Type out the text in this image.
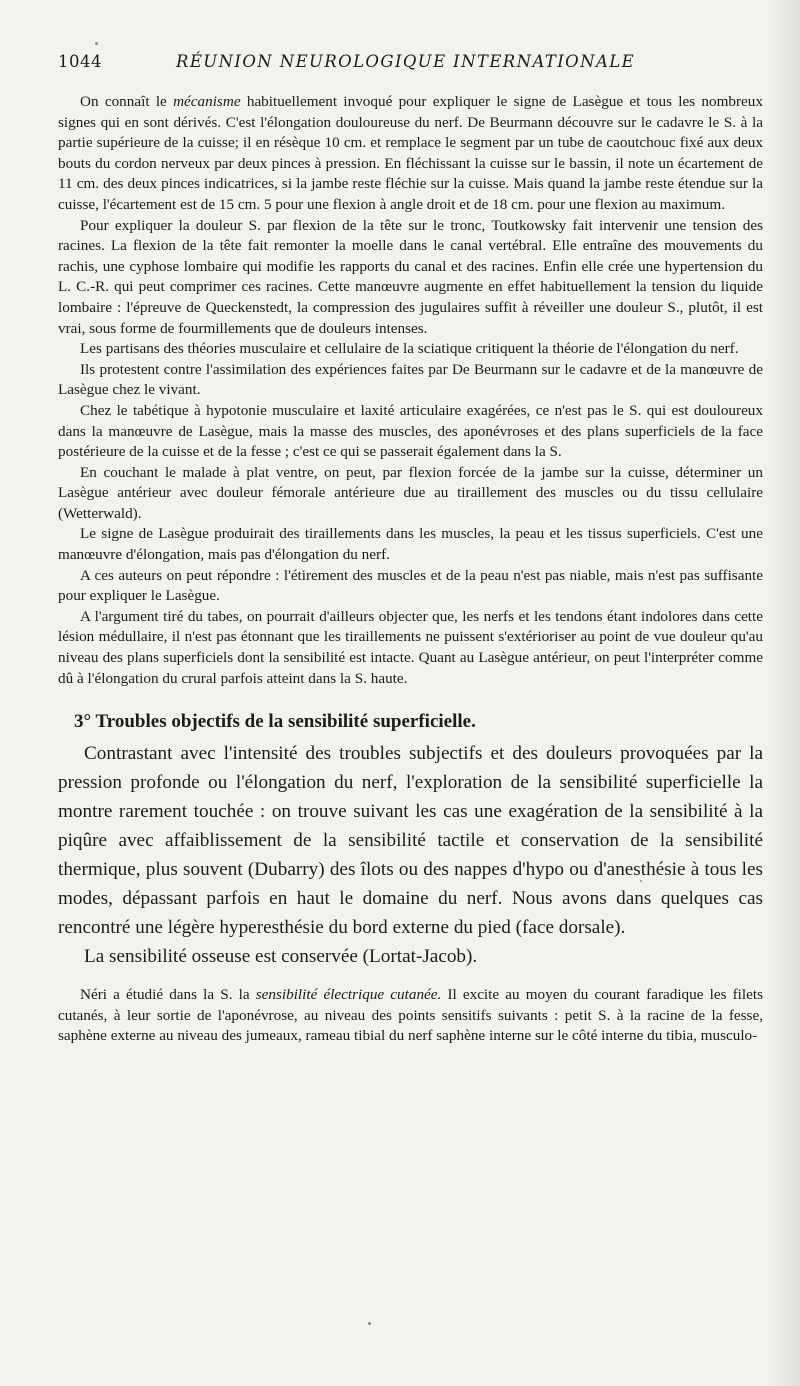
1044	RÉUNION NEUROLOGIQUE INTERNATIONALE

On connaît le mécanisme habituellement invoqué pour expliquer le signe de Lasègue et tous les nombreux signes qui en sont dérivés. C'est l'élongation douloureuse du nerf. De Beurmann découvre sur le cadavre le S. à la partie supérieure de la cuisse; il en résèque 10 cm. et remplace le segment par un tube de caoutchouc fixé aux deux bouts du cordon nerveux par deux pinces à pression. En fléchissant la cuisse sur le bassin, il note un écartement de 11 cm. des deux pinces indicatrices, si la jambe reste fléchie sur la cuisse. Mais quand la jambe reste étendue sur la cuisse, l'écartement est de 15 cm. 5 pour une flexion à angle droit et de 18 cm. pour une flexion au maximum.

Pour expliquer la douleur S. par flexion de la tête sur le tronc, Toutkowsky fait intervenir une tension des racines. La flexion de la tête fait remonter la moelle dans le canal vertébral. Elle entraîne des mouvements du rachis, une cyphose lombaire qui modifie les rapports du canal et des racines. Enfin elle crée une hypertension du L. C.-R. qui peut comprimer ces racines. Cette manœuvre augmente en effet habituellement la tension du liquide lombaire : l'épreuve de Queckenstedt, la compression des jugulaires suffit à réveiller une douleur S., plutôt, il est vrai, sous forme de fourmillements que de douleurs intenses.

Les partisans des théories musculaire et cellulaire de la sciatique critiquent la théorie de l'élongation du nerf.

Ils protestent contre l'assimilation des expériences faites par De Beurmann sur le cadavre et de la manœuvre de Lasègue chez le vivant.

Chez le tabétique à hypotonie musculaire et laxité articulaire exagérées, ce n'est pas le S. qui est douloureux dans la manœuvre de Lasègue, mais la masse des muscles, des aponévroses et des plans superficiels de la face postérieure de la cuisse et de la fesse ; c'est ce qui se passerait également dans la S.

En couchant le malade à plat ventre, on peut, par flexion forcée de la jambe sur la cuisse, déterminer un Lasègue antérieur avec douleur fémorale antérieure due au tiraillement des muscles ou du tissu cellulaire (Wetterwald).

Le signe de Lasègue produirait des tiraillements dans les muscles, la peau et les tissus superficiels. C'est une manœuvre d'élongation, mais pas d'élongation du nerf.

A ces auteurs on peut répondre : l'étirement des muscles et de la peau n'est pas niable, mais n'est pas suffisante pour expliquer le Lasègue.

A l'argument tiré du tabes, on pourrait d'ailleurs objecter que, les nerfs et les tendons étant indolores dans cette lésion médullaire, il n'est pas étonnant que les tiraillements ne puissent s'extérioriser au point de vue douleur qu'au niveau des plans superficiels dont la sensibilité est intacte. Quant au Lasègue antérieur, on peut l'interpréter comme dû à l'élongation du crural parfois atteint dans la S. haute.

3° Troubles objectifs de la sensibilité superficielle.

Contrastant avec l'intensité des troubles subjectifs et des douleurs provoquées par la pression profonde ou l'élongation du nerf, l'exploration de la sensibilité superficielle la montre rarement touchée : on trouve suivant les cas une exagération de la sensibilité à la piqûre avec affaiblissement de la sensibilité tactile et conservation de la sensibilité thermique, plus souvent (Dubarry) des îlots ou des nappes d'hypo ou d'anesthésie à tous les modes, dépassant parfois en haut le domaine du nerf. Nous avons dans quelques cas rencontré une légère hyperesthésie du bord externe du pied (face dorsale).

La sensibilité osseuse est conservée (Lortat-Jacob).

Néri a étudié dans la S. la sensibilité électrique cutanée. Il excite au moyen du courant faradique les filets cutanés, à leur sortie de l'aponévrose, au niveau des points sensitifs suivants : petit S. à la racine de la fesse, saphène externe au niveau des jumeaux, rameau tibial du nerf saphène interne sur le côté interne du tibia, musculo-
